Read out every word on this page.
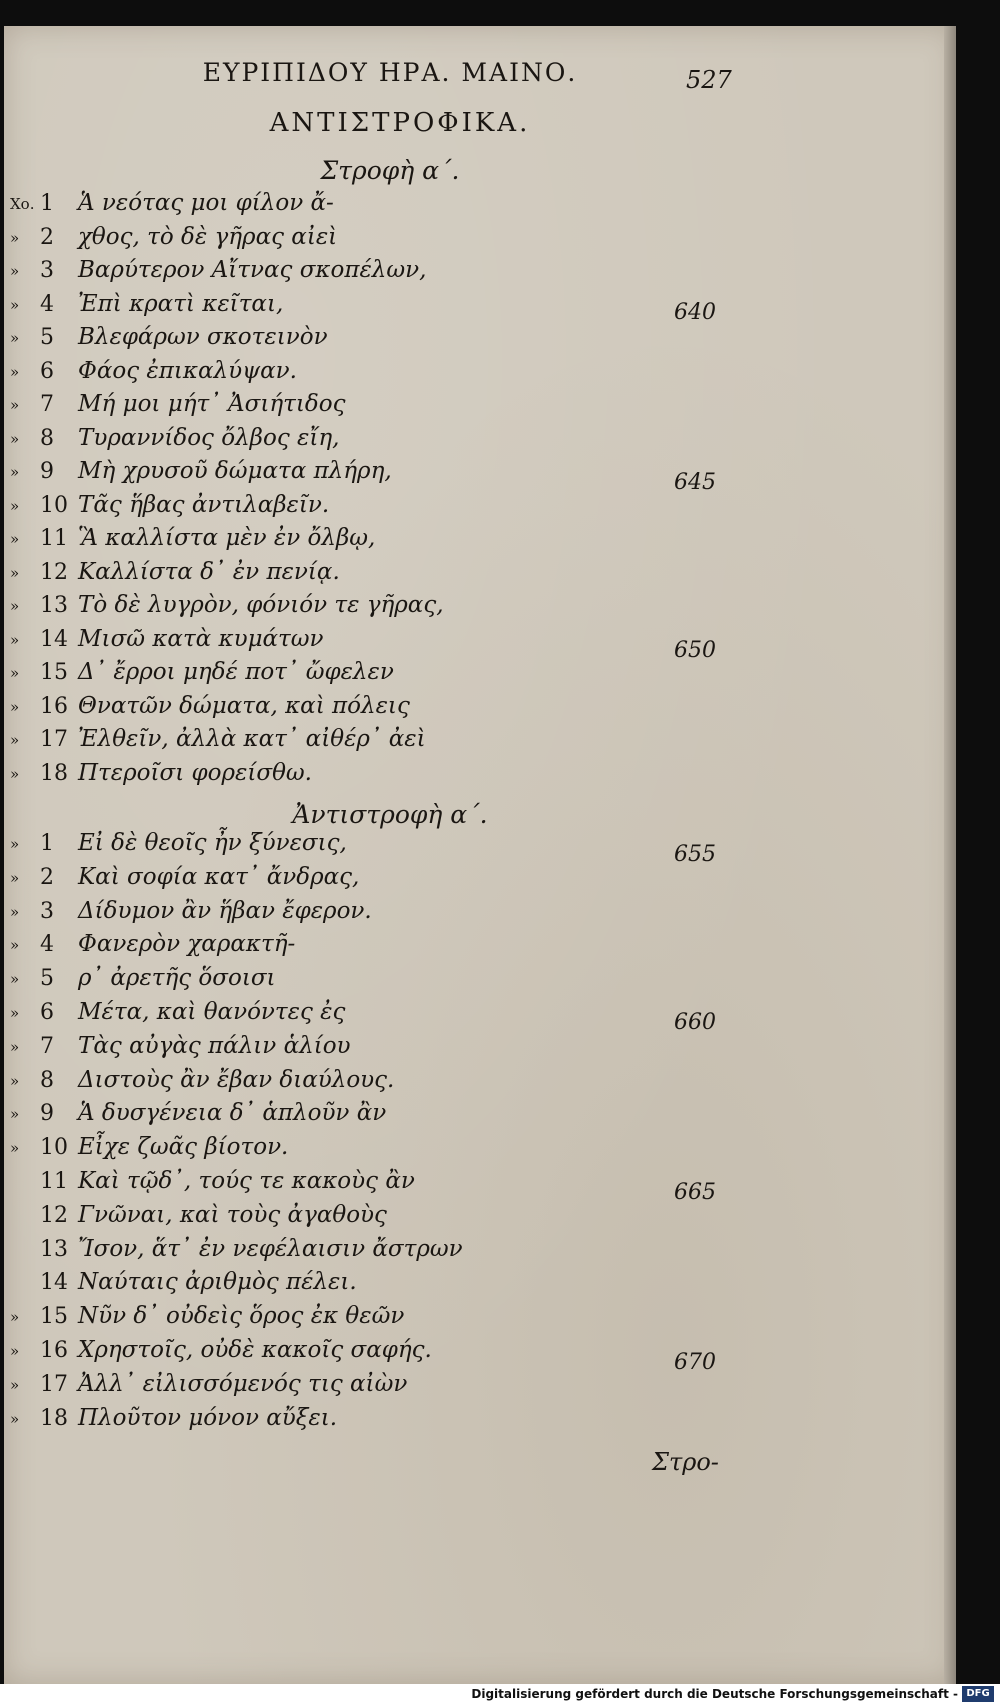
ΕΥΡΙΠΙΔΟΥ ΗΡΑ. ΜΑΙΝΟ.	527
ΑΝΤΙΣΤΡΟΦΙΚΑ.
Στροφὴ α΄.
Χο. 1 Ἁ νεότας μοι φίλον ἄ-
» 2 χθος, τὸ δὲ γῆρας αἰεὶ
» 3 Βαρύτερον Αἴτνας σκοπέλων,
» 4 Ἐπὶ κρατὶ κεῖται,
» 5 Βλεφάρων σκοτεινὸν
» 6 Φάος ἐπικαλύψαν.
» 7 Μή μοι μήτ᾽ Ἀσιήτιδος
» 8 Τυραννίδος ὄλβος εἴη,
» 9 Μὴ χρυσοῦ δώματα πλήρη,
» 10 Τᾶς ἥβας ἀντιλαβεῖν.
» 11 Ἃ καλλίστα μὲν ἐν ὄλβῳ,
» 12 Καλλίστα δ᾽ ἐν πενίᾳ.
» 13 Τὸ δὲ λυγρὸν, φόνιόν τε γῆρας,
» 14 Μισῶ κατὰ κυμάτων
» 15 Δ᾽ ἔρροι μηδέ ποτ᾽ ὤφελεν
» 16 Θνατῶν δώματα, καὶ πόλεις
» 17 Ἐλθεῖν, ἀλλὰ κατ᾽ αἰθέρ᾽ ἀεὶ
» 18 Πτεροῖσι φορείσθω.
Ἀντιστροφὴ α΄.
» 1 Εἰ δὲ θεοῖς ἦν ξύνεσις,
» 2 Καὶ σοφία κατ᾽ ἄνδρας,
» 3 Δίδυμον ἂν ἥβαν ἔφερον.
» 4 Φανερὸν χαρακτῆ-
» 5 ρ᾽ ἀρετῆς ὅσοισι
» 6 Μέτα, καὶ θανόντες ἐς
» 7 Τὰς αὐγὰς πάλιν ἁλίου
» 8 Διστοὺς ἂν ἔβαν διαύλους.
» 9 Ἁ δυσγένεια δ᾽ ἁπλοῦν ἂν
» 10 Εἶχε ζωᾶς βίοτον.
11 Καὶ τῷδ᾽, τούς τε κακοὺς ἂν
12 Γνῶναι, καὶ τοὺς ἀγαθοὺς
13 Ἴσον, ἅτ᾽ ἐν νεφέλαισιν ἄστρων
14 Ναύταις ἀριθμὸς πέλει.
» 15 Νῦν δ᾽ οὐδεὶς ὅρος ἐκ θεῶν
» 16 Χρηστοῖς, οὐδὲ κακοῖς σαφής.
» 17 Ἀλλ᾽ εἰλισσόμενός τις αἰὼν
» 18 Πλοῦτον μόνον αὔξει.
640
645
650
655
660
665
670
Στρο-
Digitalisierung gefördert durch die Deutsche Forschungsgemeinschaft - DFG
